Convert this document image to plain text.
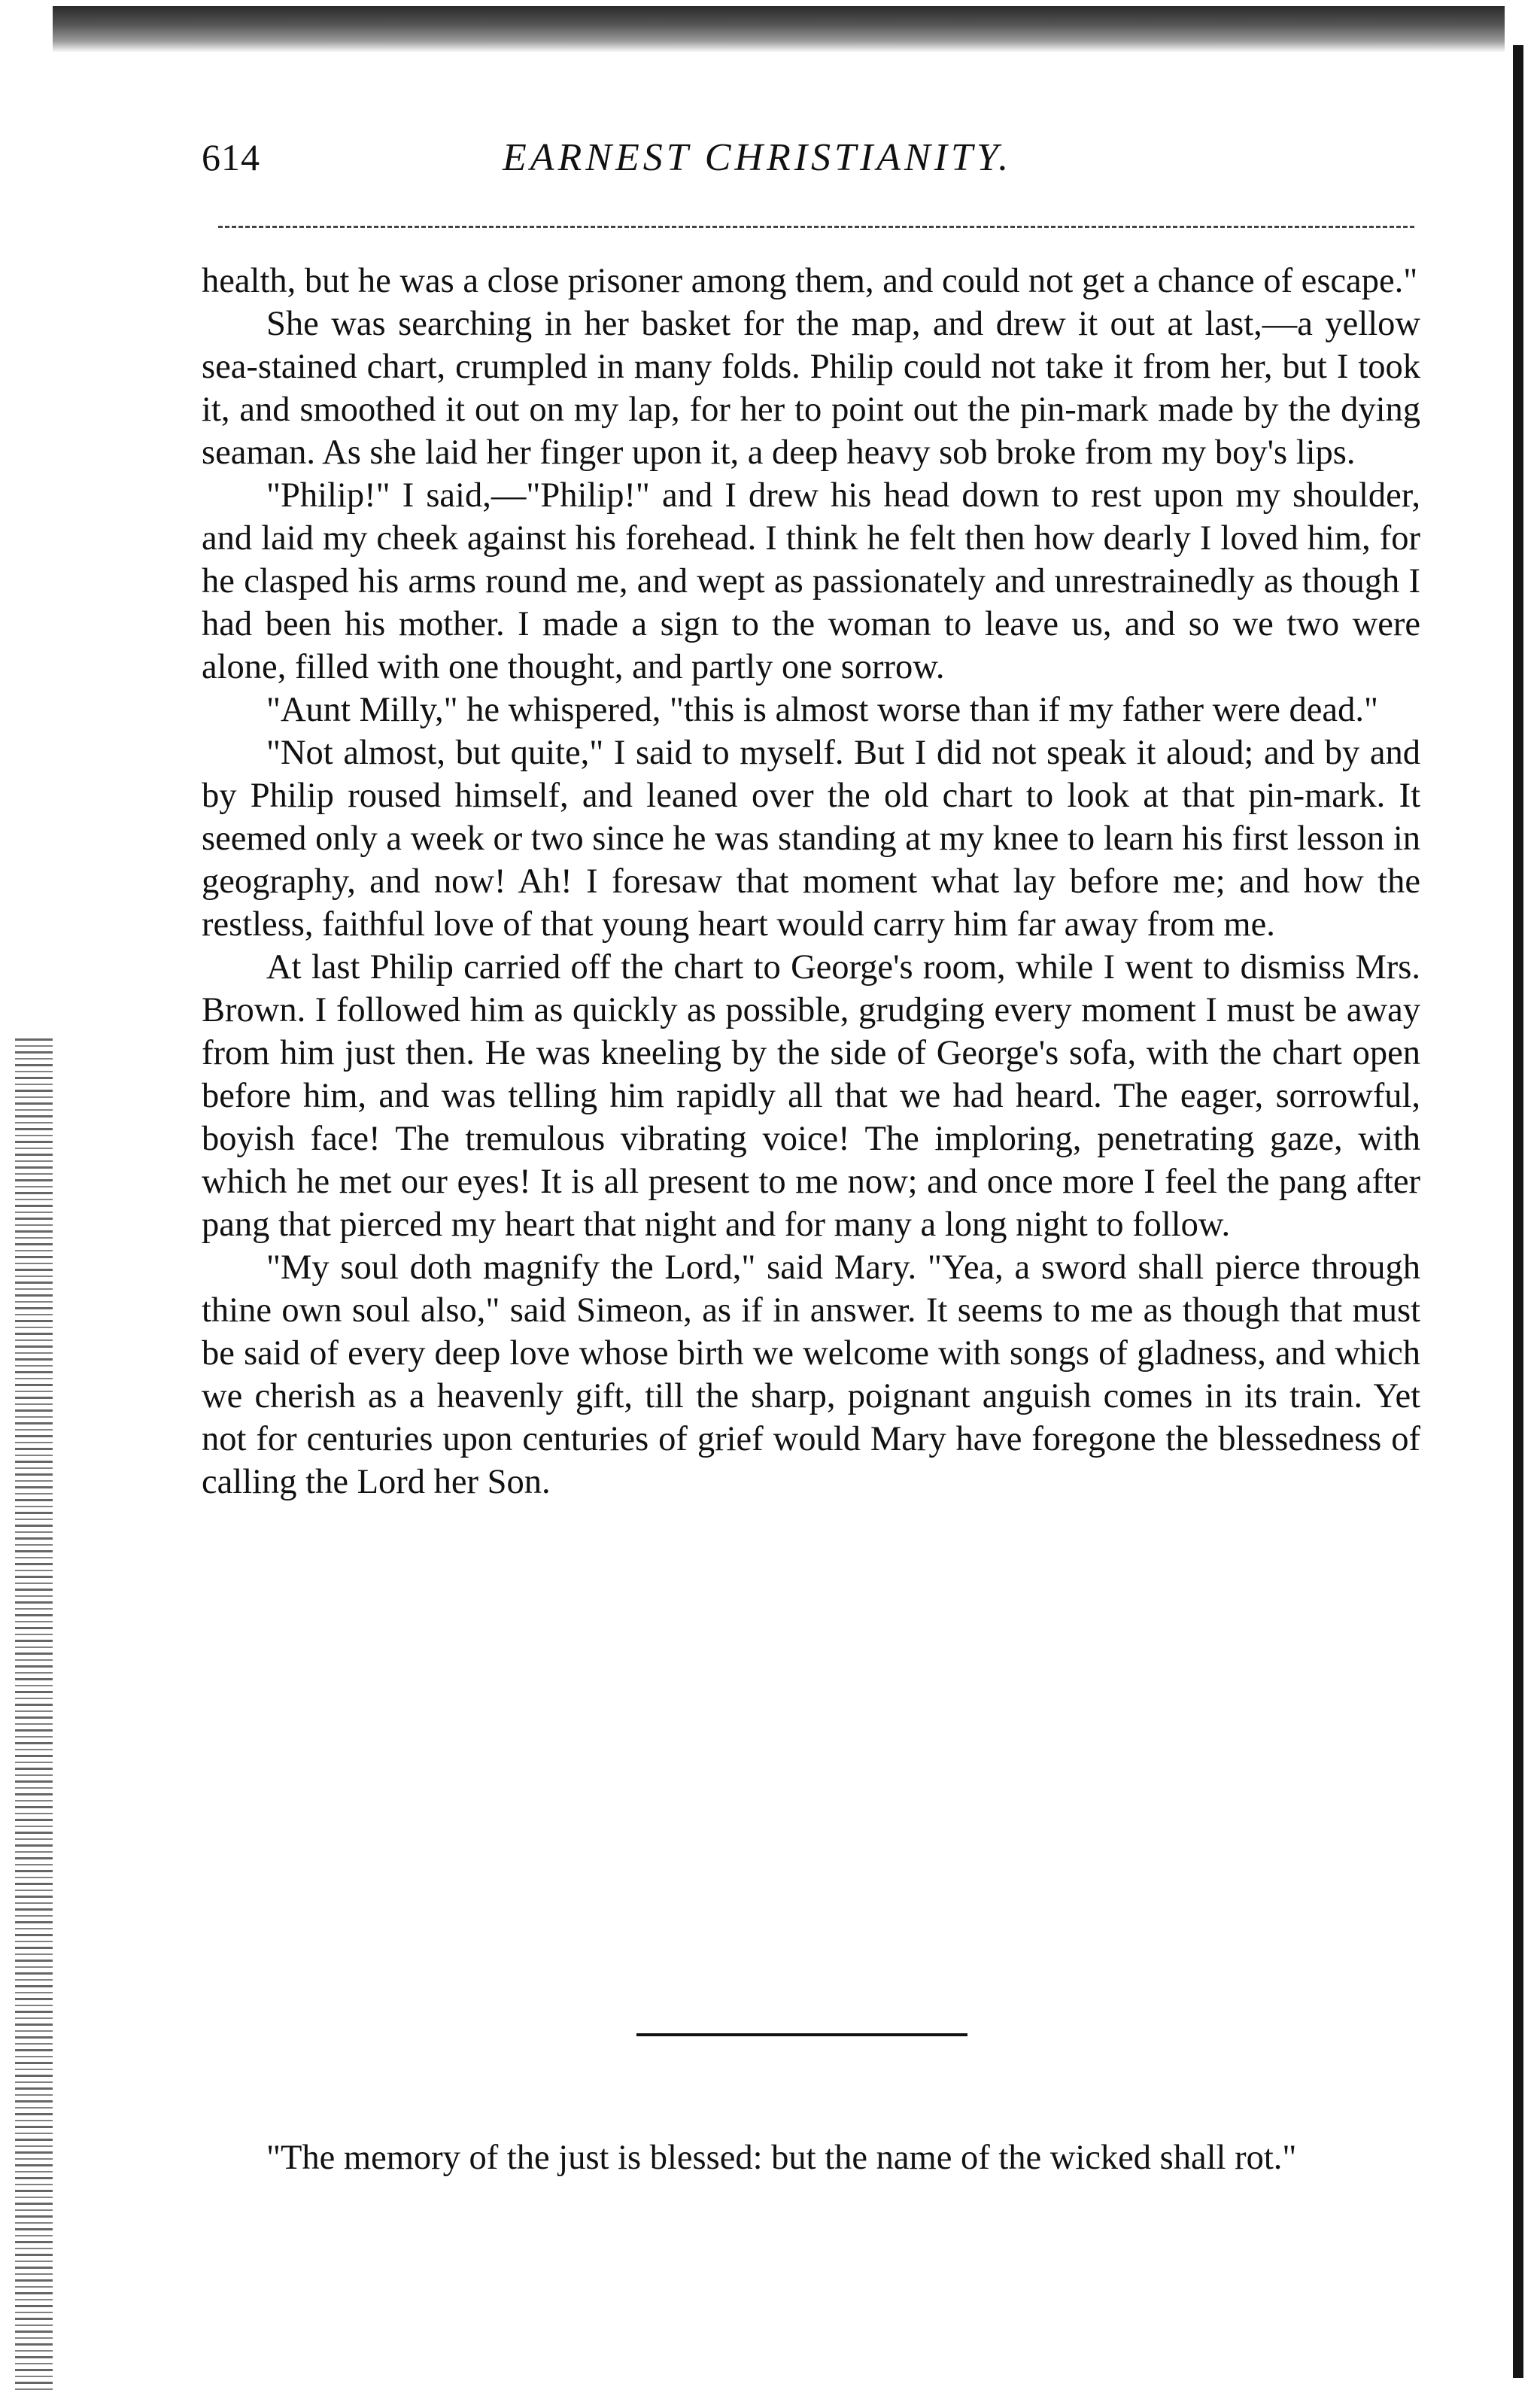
614	EARNEST CHRISTIANITY.

health, but he was a close prisoner among them, and could not get a chance of escape."

She was searching in her basket for the map, and drew it out at last,—a yellow sea-stained chart, crumpled in many folds. Philip could not take it from her, but I took it, and smoothed it out on my lap, for her to point out the pin-mark made by the dying seaman. As she laid her finger upon it, a deep heavy sob broke from my boy's lips.

"Philip!" I said,—"Philip!" and I drew his head down to rest upon my shoulder, and laid my cheek against his forehead. I think he felt then how dearly I loved him, for he clasped his arms round me, and wept as passionately and unrestrainedly as though I had been his mother. I made a sign to the woman to leave us, and so we two were alone, filled with one thought, and partly one sorrow.

"Aunt Milly," he whispered, "this is almost worse than if my father were dead."

"Not almost, but quite," I said to myself. But I did not speak it aloud; and by and by Philip roused himself, and leaned over the old chart to look at that pin-mark. It seemed only a week or two since he was standing at my knee to learn his first lesson in geography, and now! Ah! I foresaw that moment what lay before me; and how the restless, faithful love of that young heart would carry him far away from me.

At last Philip carried off the chart to George's room, while I went to dismiss Mrs. Brown. I followed him as quickly as possible, grudging every moment I must be away from him just then. He was kneeling by the side of George's sofa, with the chart open before him, and was telling him rapidly all that we had heard. The eager, sorrowful, boyish face! The tremulous vibrating voice! The imploring, penetrating gaze, with which he met our eyes! It is all present to me now; and once more I feel the pang after pang that pierced my heart that night and for many a long night to follow.

"My soul doth magnify the Lord," said Mary. "Yea, a sword shall pierce through thine own soul also," said Simeon, as if in answer. It seems to me as though that must be said of every deep love whose birth we welcome with songs of gladness, and which we cherish as a heavenly gift, till the sharp, poignant anguish comes in its train. Yet not for centuries upon centuries of grief would Mary have foregone the blessedness of calling the Lord her Son.

"The memory of the just is blessed: but the name of the wicked shall rot."
